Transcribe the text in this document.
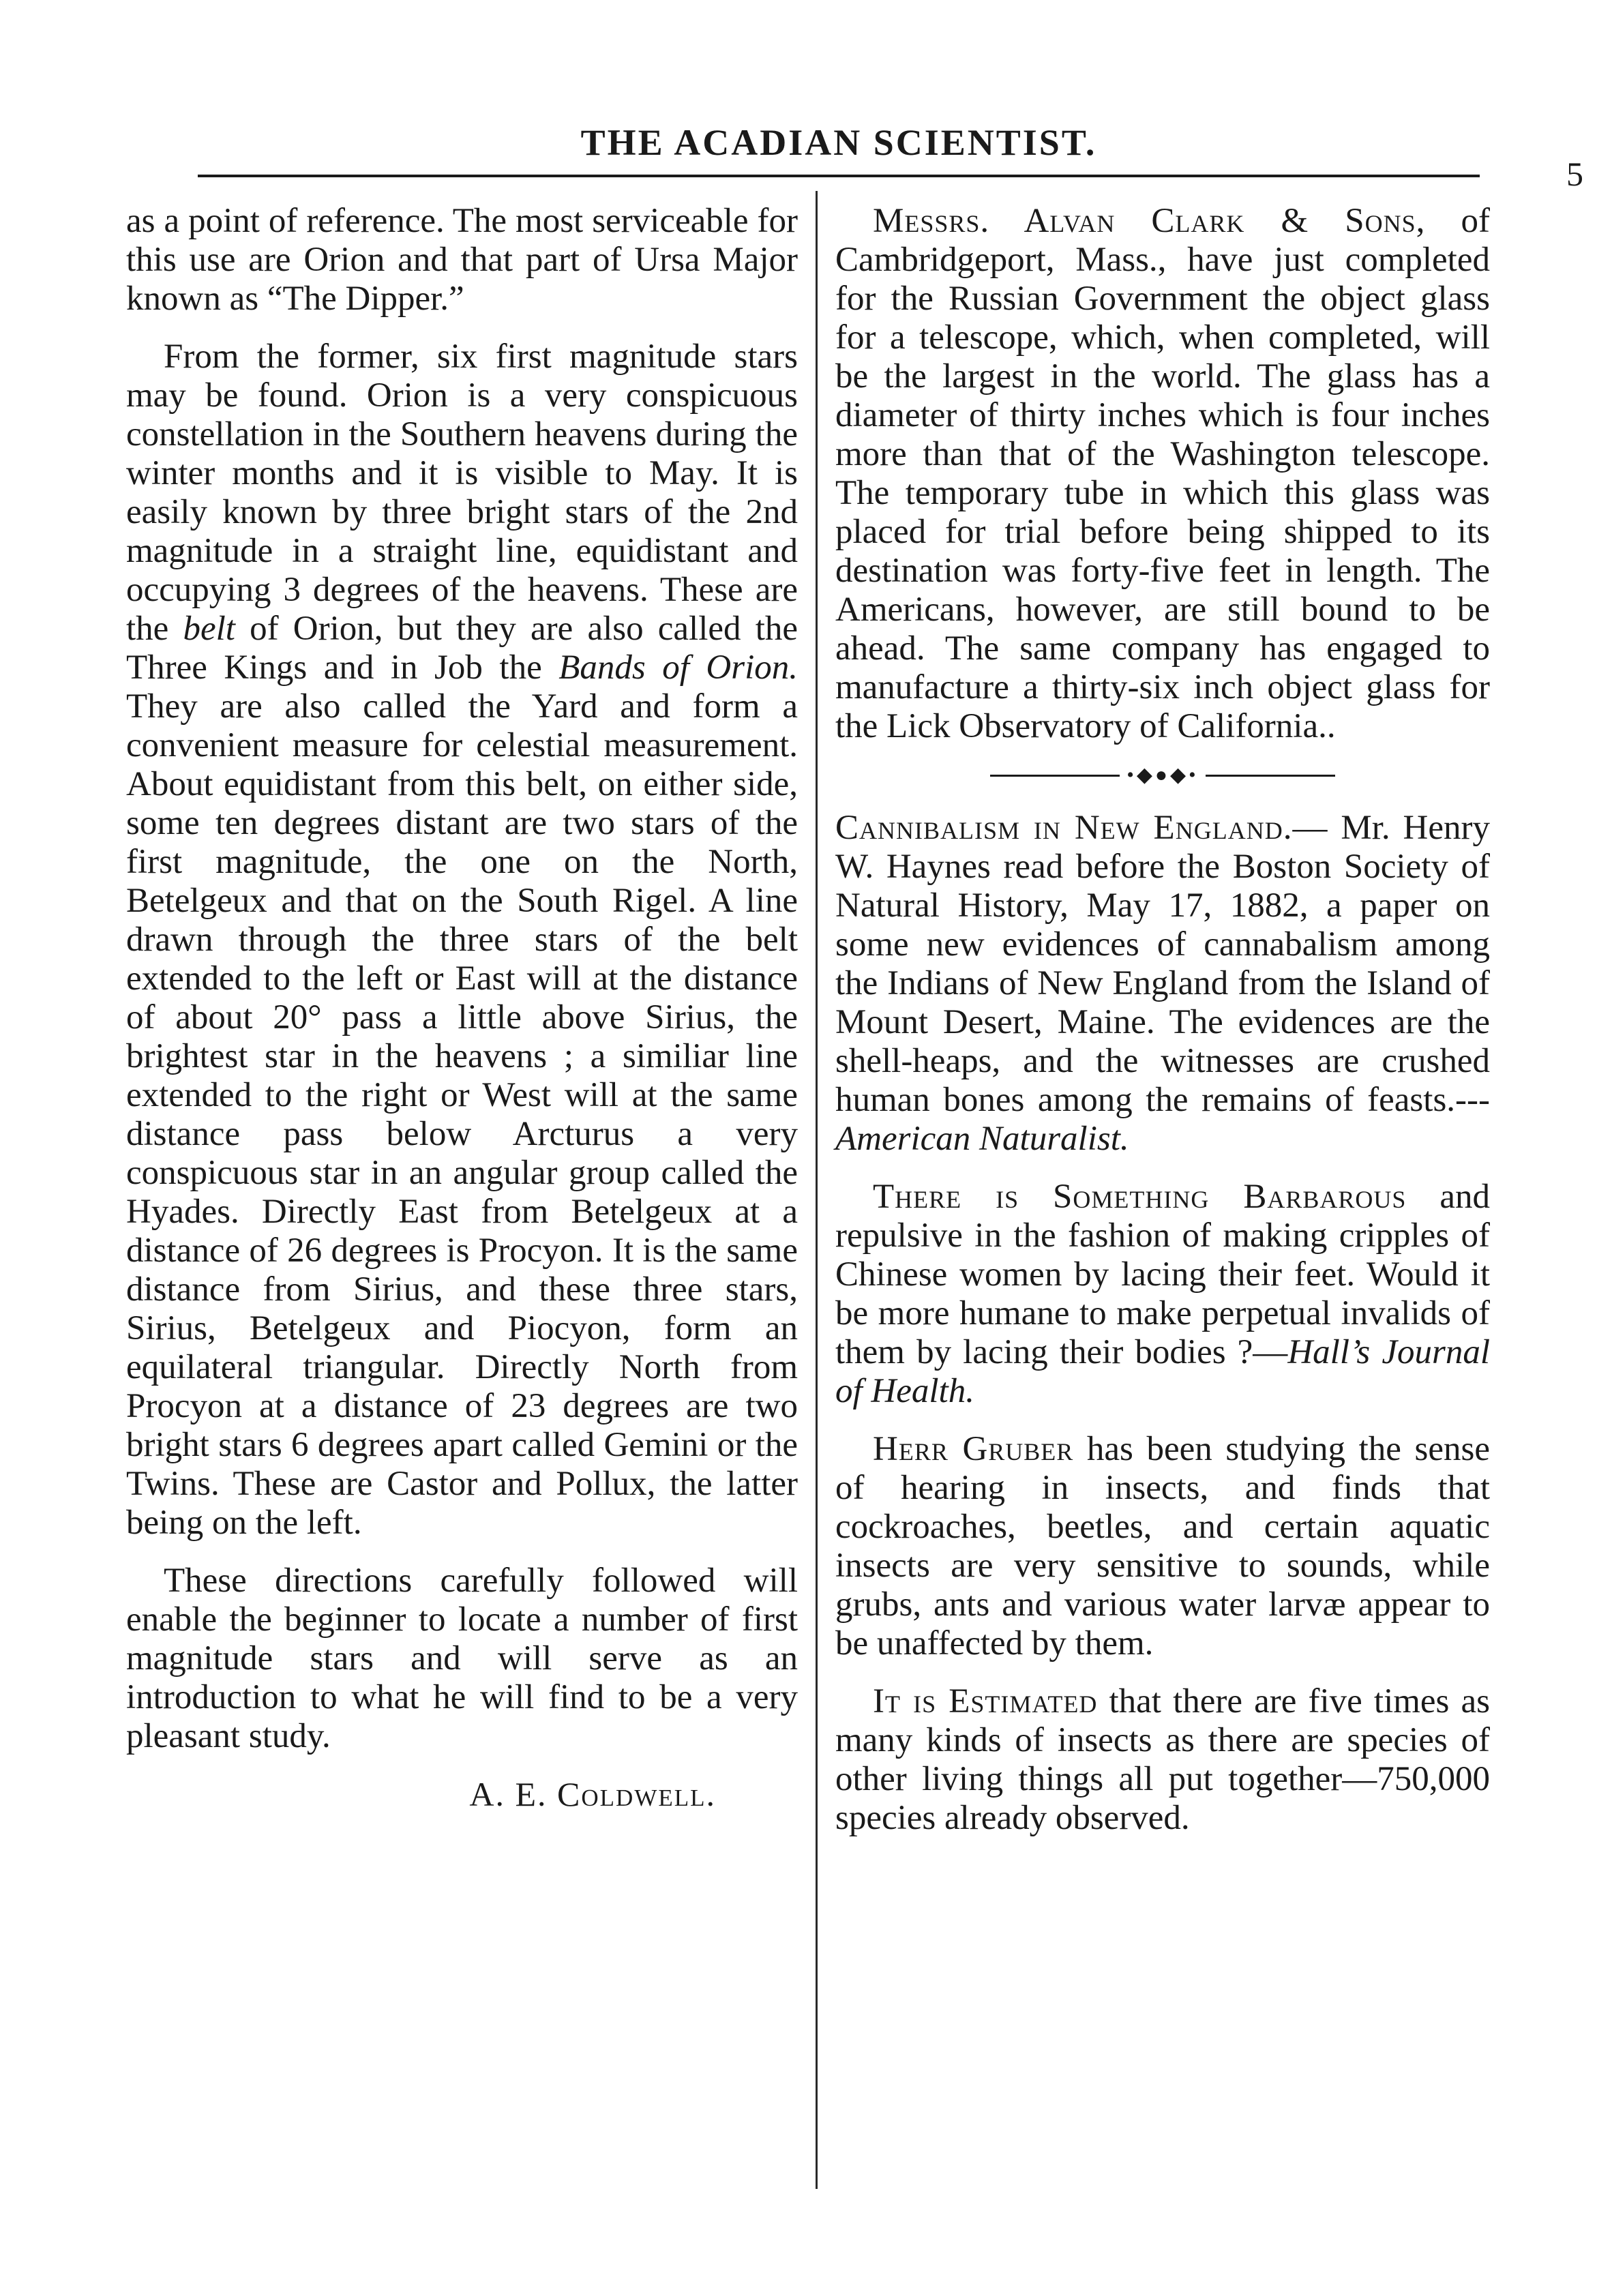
THE ACADIAN SCIENTIST.
5

as a point of reference. The most serviceable for this use are Orion and that part of Ursa Major known as “The Dipper.”

From the former, six first magnitude stars may be found. Orion is a very conspicuous constellation in the Southern heavens during the winter months and it is visible to May. It is easily known by three bright stars of the 2nd magnitude in a straight line, equidistant and occupying 3 degrees of the heavens. These are the belt of Orion, but they are also called the Three Kings and in Job the Bands of Orion. They are also called the Yard and form a convenient measure for celestial measurement. About equidistant from this belt, on either side, some ten degrees distant are two stars of the first magnitude, the one on the North, Betelgeux and that on the South Rigel. A line drawn through the three stars of the belt extended to the left or East will at the distance of about 20° pass a little above Sirius, the brightest star in the heavens ; a similiar line extended to the right or West will at the same distance pass below Arcturus a very conspicuous star in an angular group called the Hyades. Directly East from Betelgeux at a distance of 26 degrees is Procyon. It is the same distance from Sirius, and these three stars, Sirius, Betelgeux and Piocyon, form an equilateral triangular. Directly North from Procyon at a distance of 23 degrees are two bright stars 6 degrees apart called Gemini or the Twins. These are Castor and Pollux, the latter being on the left.

These directions carefully followed will enable the beginner to locate a number of first magnitude stars and will serve as an introduction to what he will find to be a very pleasant study.

A. E. Coldwell.

Messrs. Alvan Clark & Sons, of Cambridgeport, Mass., have just completed for the Russian Government the object glass for a telescope, which, when completed, will be the largest in the world. The glass has a diameter of thirty inches which is four inches more than that of the Washington telescope. The temporary tube in which this glass was placed for trial before being shipped to its destination was forty-five feet in length. The Americans, however, are still bound to be ahead. The same company has engaged to manufacture a thirty-six inch object glass for the Lick Observatory of California..

•◆●◆•

Cannibalism in New England.— Mr. Henry W. Haynes read before the Boston Society of Natural History, May 17, 1882, a paper on some new evidences of cannabalism among the Indians of New England from the Island of Mount Desert, Maine. The evidences are the shell-heaps, and the witnesses are crushed human bones among the remains of feasts.---American Naturalist.

There is Something Barbarous and repulsive in the fashion of making cripples of Chinese women by lacing their feet. Would it be more humane to make perpetual invalids of them by lacing their bodies ?—Hall’s Journal of Health.

Herr Gruber has been studying the sense of hearing in insects, and finds that cockroaches, beetles, and certain aquatic insects are very sensitive to sounds, while grubs, ants and various water larvæ appear to be unaffected by them.

It is Estimated that there are five times as many kinds of insects as there are species of other living things all put together—750,000 species already observed.
